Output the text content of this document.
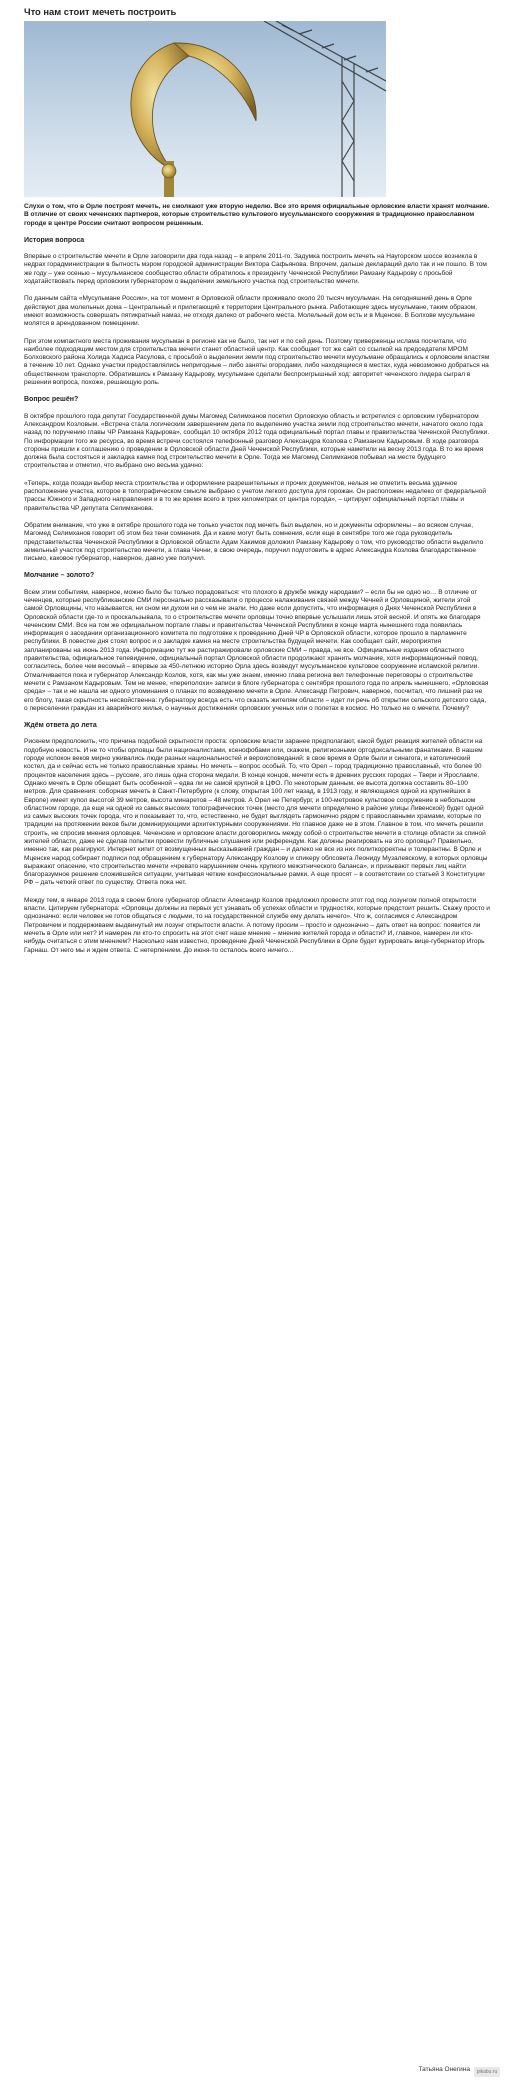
Что нам стоит мечеть построить

Слухи о том, что в Орле построят мечеть, не смолкают уже вторую неделю. Все это время официальные орловские власти хранят молчание. В отличие от своих чеченских партнеров, которые строительство культового мусульманского сооружения в традиционно православном городе в центре России считают вопросом решенным.

История вопроса

Впервые о строительстве мечети в Орле заговорили два года назад – в апреле 2011-го. Задумка построить мечеть на Наугорском шоссе возникла в недрах горадминистрации в бытность мэром городской администрации Виктора Сафьянова. Впрочем, дальше деклараций дело так и не пошло. В том же году – уже осенью – мусульманское сообщество области обратилось к президенту Чеченской Республики Рамзану Кадырову с просьбой ходатайствовать перед орловским губернатором о выделении земельного участка под строительство мечети.

По данным сайта «Мусульмане России», на тот момент в Орловской области проживало около 20 тысяч мусульман. На сегодняшний день в Орле действуют два молельных дома – Центральный и прилегающий к территории Центрального рынка. Работающие здесь мусульмане, таким образом, имеют возможность совершать пятикратный намаз, не отходя далеко от рабочего места. Молельный дом есть и в Мценске. В Болхове мусульмане молятся в арендованном помещении.

При этом компактного места проживания мусульман в регионе как не было, так нет и по сей день. Поэтому приверженцы ислама посчитали, что наиболее подходящим местом для строительства мечети станет областной центр. Как сообщает тот же сайт со ссылкой на председателя МРОМ Болховского района Холида Хадиса Расулова, с просьбой о выделении земли под строительство мечети мусульмане обращались к орловским властям в течение 10 лет. Однако участки предоставлялись непригодные – либо заняты огородами, либо находящиеся в местах, куда невозможно добраться на общественном транспорте. Обратившись к Рамзану Кадырову, мусульмане сделали беспроигрышный ход: авторитет чеченского лидера сыграл в решении вопроса, похоже, решающую роль.

Вопрос решён?

В октябре прошлого года депутат Государственной думы Магомед Селимханов посетил Орловскую область и встретился с орловским губернатором Александром Козловым. «Встреча стала логическим завершением дела по выделению участка земли под строительство мечети, начатого около года назад по поручению главы ЧР Рамзана Кадырова», сообщал 10 октября 2012 года официальный портал главы и правительства Чеченской Республики. По информации того же ресурса, во время встречи состоялся телефонный разговор Александра Козлова с Рамзаном Кадыровым. В ходе разговора стороны пришли к соглашению о проведении в Орловской области Дней Чеченской Республики, которые наметили на весну 2013 года. В то же время должна была состояться и закладка камня под строительство мечети в Орле. Тогда же Магомед Селимханов побывал на месте будущего строительства и отметил, что выбрано оно весьма удачно:

«Теперь, когда позади выбор места строительства и оформление разрешительных и прочих документов, нельзя не отметить весьма удачное расположение участка, которое в топографическом смысле выбрано с учетом легкого доступа для горожан. Он расположен недалеко от федеральной трассы Южного и Западного направления и в то же время всего в трех километрах от центра города», – цитирует официальный портал главы и правительства ЧР депутата Селимханова.

Обратим внимание, что уже в октябре прошлого года не только участок под мечеть был выделен, но и документы оформлены – во всяком случае, Магомед Селимханов говорит об этом без тени сомнения. Да и какие могут быть сомнения, если еще в сентябре того же года руководитель представительства Чеченской Республики в Орловской области Адам Хакимов доложил Рамзану Кадырову о том, что руководство области выделило земельный участок под строительство мечети, а глава Чечни, в свою очередь, поручил подготовить в адрес Александра Козлова благодарственное письмо, каковое губернатор, наверное, давно уже получил.

Молчание – золото?

Всем этим событиям, наверное, можно было бы только порадоваться: что плохого в дружбе между народами? – если бы не одно но… В отличие от чеченцев, которые республиканские СМИ персонально рассказывали о процессе налаживания связей между Чечней и Орловщиной, жители этой самой Орловщины, что называется, ни сном ни духом ни о чем не знали. Но даже если допустить, что информация о Днях Чеченской Республики в Орловской области где-то и проскальзывала, то о строительстве мечети орловцы точно впервые услышали лишь этой весной. И опять же благодаря чеченским СМИ. Все на том же официальном портале главы и правительства Чеченской Республики в конце марта нынешнего года появилась информация о заседании организационного комитета по подготовке к проведению Дней ЧР в Орловской области, которое прошло в парламенте республики. В повестке дня стоял вопрос и о закладке камня на месте строительства будущей мечети. Как сообщает сайт, мероприятия запланированы на июнь 2013 года. Информацию тут же растиражировали орловские СМИ – правда, не все. Официальные издания областного правительства, официальное телевидение, официальный портал Орловской области продолжают хранить молчание, хотя информационный повод, согласитесь, более чем весомый – впервые за 450-летнюю историю Орла здесь возведут мусульманское культовое сооружение исламской религии. Отмалчивается пока и губернатор Александр Козлов, хотя, как мы уже знаем, именно глава региона вел телефонные переговоры о строительстве мечети с Рамзаном Кадыровым. Тем не менее, «переполохи» записи в блоге губернатора с сентября прошлого года по апрель нынешнего, «Орловская среда» – так и не нашла ни одного упоминания о планах по возведению мечети в Орле. Александр Петрович, наверное, посчитал, что лишний раз не его блогу, такая скрытность несвойственна: губернатору всегда есть что сказать жителям области – идет ли речь об открытии сельского детского сада, о переселении граждан из аварийного жилья, о научных достижениях орловских ученых или о полетах в космос. Но только не о мечети. Почему?

Ждём ответа до лета

Рискнем предположить, что причина подобной скрытности проста: орловские власти заранее предполагают, какой будет реакция жителей области на подобную новость. И не то чтобы орловцы были националистами, ксенофобами или, скажем, религиозными ортодоксальными фанатиками. В нашем городе испокон веков мирно уживались люди разных национальностей и вероисповеданий: в свое время в Орле были и синагога, и католический костел, да и сейчас есть не только православные храмы. Но мечеть – вопрос особый. То, что Орел – город традиционно православный, что более 90 процентов населения здесь – русские, это лишь одна сторона медали. В конце концов, мечети есть в древних русских городах – Твери и Ярославле. Однако мечеть в Орле обещает быть особенной – едва ли не самой крупной в ЦФО. По некоторым данным, ее высота должна составить 80–100 метров. Для сравнения: соборная мечеть в Санкт-Петербурге (к слову, открытая 100 лет назад, в 1913 году, и являющаяся одной из крупнейших в Европе) имеет купол высотой 39 метров, высота минаретов – 48 метров. А Орел не Петербург, и 100-метровое культовое сооружение в небольшом областном городе, да еще на одной из самых высоких топографических точек (место для мечети определено в районе улицы Ливенской) будет одной из самых высоких точек города, что и показывает то, что, естественно, не будет выглядеть гармонично рядом с православными храмами, которые по традиции на протяжении веков были доминирующими архитектурными сооружениями. Но главное даже не в этом. Главное в том, что мечеть решили строить, не спросив мнения орловцев. Чеченские и орловские власти договорились между собой о строительстве мечети в столице области за спиной жителей области, даже не сделав попытки провести публичные слушания или референдум. Как должны реагировать на это орловцы? Правильно, именно так, как реагируют. Интернет кипит от возмущенных высказываний граждан – и далеко не все из них политкорректны и толерантны. В Орле и Мценске народ собирает подписи под обращением к губернатору Александру Козлову и спикеру облсовета Леониду Музалевскому, в которых орловцы выражают опасение, что строительство мечети «чревато нарушением очень хрупкого межэтнического баланса», и призывают первых лиц найти благоразумное решение сложившейся ситуации, учитывая четкие конфессиональные рамки. А еще просят – в соответствии со статьей 3 Конституции РФ – дать четкий ответ по существу. Ответа пока нет.

Между тем, в январе 2013 года в своем блоге губернатор области Александр Козлов предложил провести этот год под лозунгом полной открытости власти. Цитируем губернатора: «Орловцы должны из первых уст узнавать об успехах области и трудностях, которые предстоит решить. Скажу просто и однозначно: если человек не готов общаться с людьми, то на государственной службе ему делать нечего». Что ж, согласимся с Александром Петровичем и поддерживаем выдвинутый им лозунг открытости власти. А потому просим – просто и однозначно – дать ответ на вопрос: появится ли мечеть в Орле или нет? И намерен ли кто-то спросить на этот счет наше мнение – мнение жителей города и области? И, главное, намерен ли кто-нибудь считаться с этим мнением? Насколько нам известно, проведение Дней Чеченской Республики в Орле будет курировать вице-губернатор Игорь Гарнаш. От него мы и ждем ответа. С нетерпением. До июня-то осталось всего ничего...

Татьяна Онегина	pikabu.ru
